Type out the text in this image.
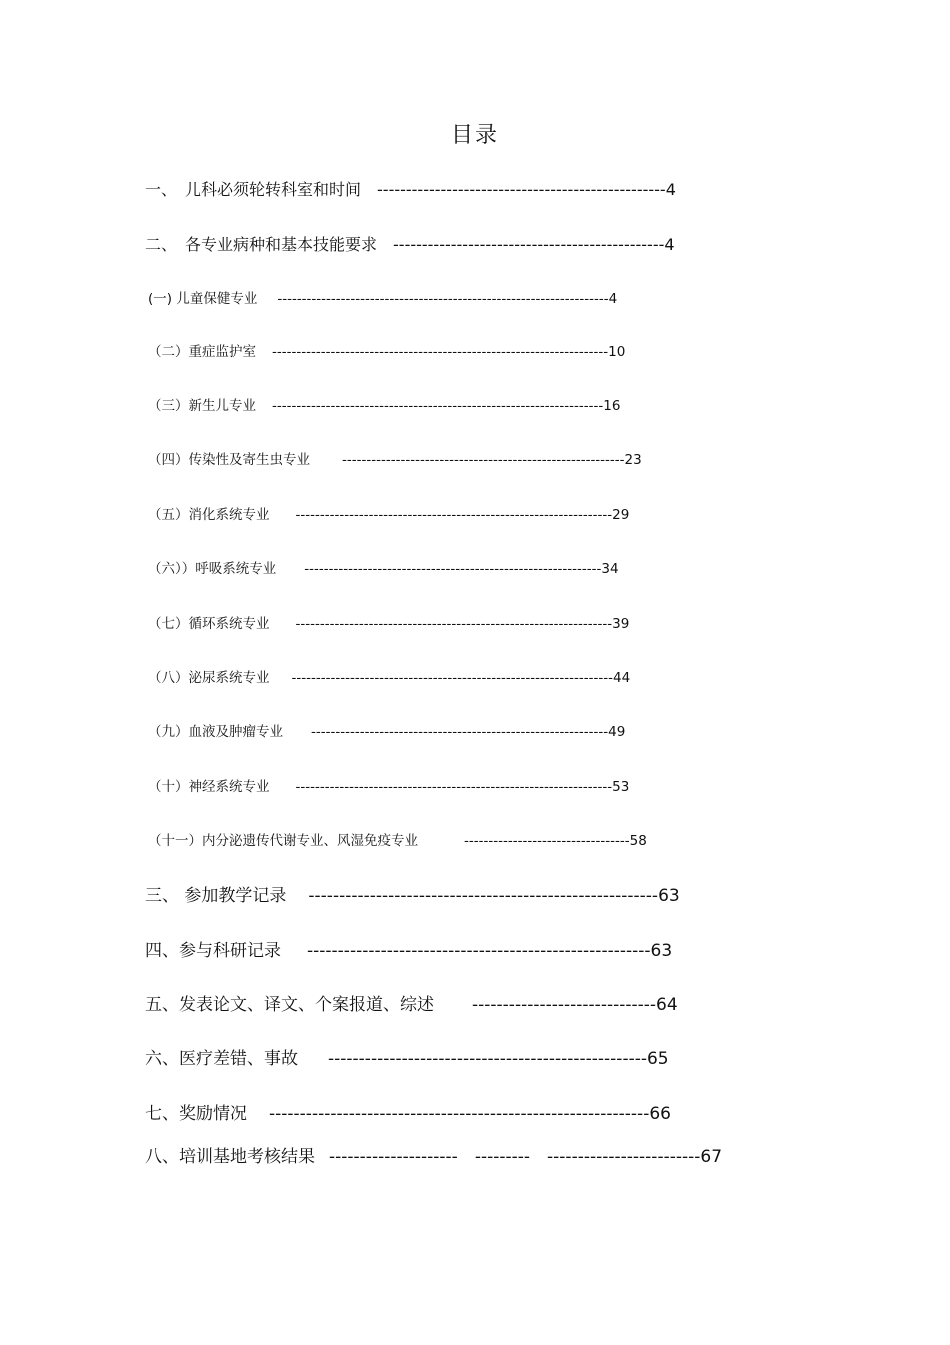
目录
一、　儿科必须轮转科室和时间 --------------------------------------------------4
二、　各专业病种和基本技能要求 -----------------------------------------------4
(一) 儿童保健专业 --------------------------------------------------------------------4
（二）重症监护室 ---------------------------------------------------------------------10
（三）新生儿专业 --------------------------------------------------------------------16
（四）传染性及寄生虫专业 ----------------------------------------------------------23
（五）消化系统专业 -----------------------------------------------------------------29
（六））呼吸系统专业 -------------------------------------------------------------34
（七）循环系统专业 -----------------------------------------------------------------39
（八）泌尿系统专业 ------------------------------------------------------------------44
（九）血液及肿瘤专业 -------------------------------------------------------------49
（十）神经系统专业 -----------------------------------------------------------------53
（十一）内分泌遗传代谢专业、风湿免疫专业	----------------------------------58
三、 参加教学记录 ---------------------------------------------------------63
四、参与科研记录 --------------------------------------------------------63
五、发表论文、译文、个案报道、综述 ------------------------------64
六、医疗差错、事故 ----------------------------------------------------65
七、奖励情况 --------------------------------------------------------------66
八、培训基地考核结果 ---------------------　---------　-------------------------67
